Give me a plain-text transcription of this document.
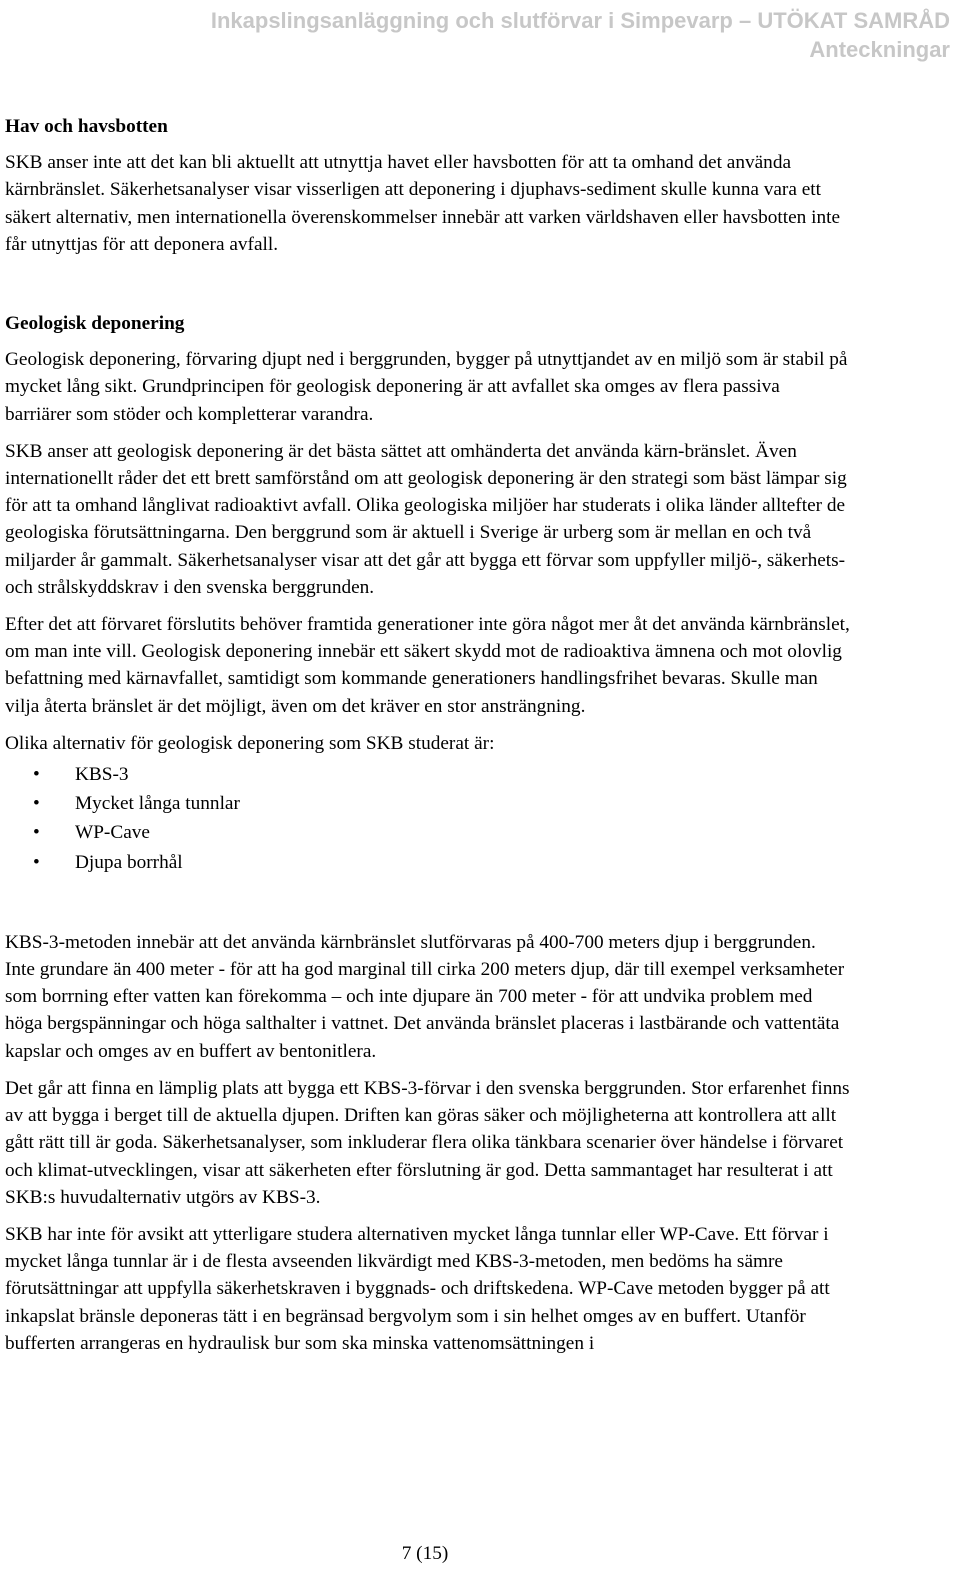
Inkapslingsanläggning och slutförvar i Simpevarp – UTÖKAT SAMRÅD
Anteckningar
Hav och havsbotten

SKB anser inte att det kan bli aktuellt att utnyttja havet eller havsbotten för att ta omhand det använda kärnbränslet. Säkerhetsanalyser visar visserligen att deponering i djuphavs-sediment skulle kunna vara ett säkert alternativ, men internationella överenskommelser innebär att varken världshaven eller havsbotten inte får utnyttjas för att deponera avfall.

Geologisk deponering

Geologisk deponering, förvaring djupt ned i berggrunden, bygger på utnyttjandet av en miljö som är stabil på mycket lång sikt. Grundprincipen för geologisk deponering är att avfallet ska omges av flera passiva barriärer som stöder och kompletterar varandra.

SKB anser att geologisk deponering är det bästa sättet att omhänderta det använda kärn-bränslet. Även internationellt råder det ett brett samförstånd om att geologisk deponering är den strategi som bäst lämpar sig för att ta omhand långlivat radioaktivt avfall. Olika geologiska miljöer har studerats i olika länder alltefter de geologiska förutsättningarna. Den berggrund som är aktuell i Sverige är urberg som är mellan en och två miljarder år gammalt. Säkerhetsanalyser visar att det går att bygga ett förvar som uppfyller miljö-, säkerhets- och strålskyddskrav i den svenska berggrunden.

Efter det att förvaret förslutits behöver framtida generationer inte göra något mer åt det använda kärnbränslet, om man inte vill. Geologisk deponering innebär ett säkert skydd mot de radioaktiva ämnena och mot olovlig befattning med kärnavfallet, samtidigt som kommande generationers handlingsfrihet bevaras. Skulle man vilja återta bränslet är det möjligt, även om det kräver en stor ansträngning.

Olika alternativ för geologisk deponering som SKB studerat är:

• KBS-3
• Mycket långa tunnlar
• WP-Cave
• Djupa borrhål

KBS-3-metoden innebär att det använda kärnbränslet slutförvaras på 400-700 meters djup i berggrunden. Inte grundare än 400 meter - för att ha god marginal till cirka 200 meters djup, där till exempel verksamheter som borrning efter vatten kan förekomma – och inte djupare än 700 meter - för att undvika problem med höga bergspänningar och höga salthalter i vattnet. Det använda bränslet placeras i lastbärande och vattentäta kapslar och omges av en buffert av bentonitlera.

Det går att finna en lämplig plats att bygga ett KBS-3-förvar i den svenska berggrunden. Stor erfarenhet finns av att bygga i berget till de aktuella djupen. Driften kan göras säker och möjligheterna att kontrollera att allt gått rätt till är goda. Säkerhetsanalyser, som inkluderar flera olika tänkbara scenarier över händelse i förvaret och klimat-utvecklingen, visar att säkerheten efter förslutning är god. Detta sammantaget har resulterat i att SKB:s huvudalternativ utgörs av KBS-3.

SKB har inte för avsikt att ytterligare studera alternativen mycket långa tunnlar eller WP-Cave. Ett förvar i mycket långa tunnlar är i de flesta avseenden likvärdigt med KBS-3-metoden, men bedöms ha sämre förutsättningar att uppfylla säkerhetskraven i byggnads- och driftskedena. WP-Cave metoden bygger på att inkapslat bränsle deponeras tätt i en begränsad bergvolym som i sin helhet omges av en buffert. Utanför bufferten arrangeras en hydraulisk bur som ska minska vattenomsättningen i

7 (15)
